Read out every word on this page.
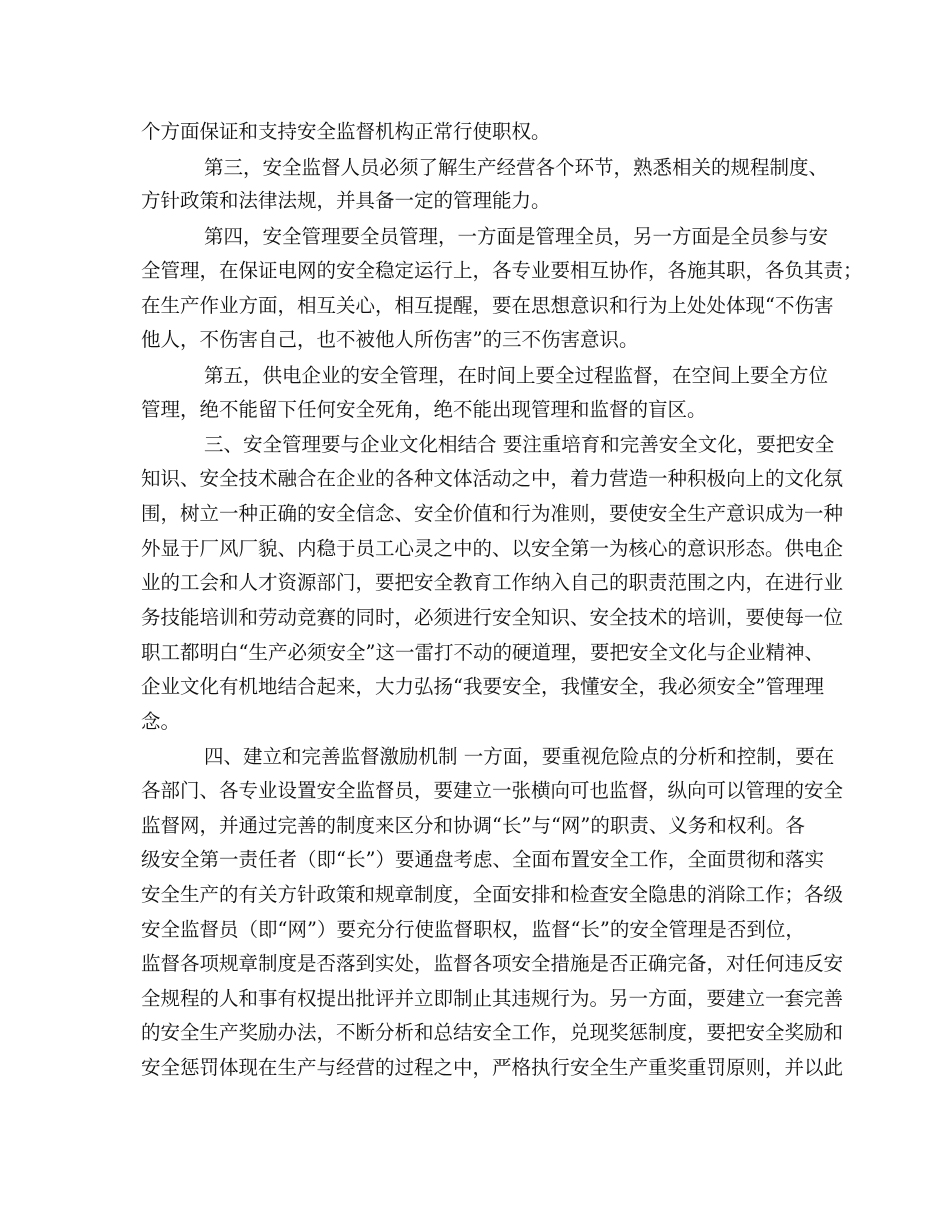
个方面保证和支持安全监督机构正常行使职权。
第三，安全监督人员必须了解生产经营各个环节，熟悉相关的规程制度、
方针政策和法律法规，并具备一定的管理能力。
第四，安全管理要全员管理，一方面是管理全员，另一方面是全员参与安
全管理，在保证电网的安全稳定运行上，各专业要相互协作，各施其职，各负其责；
在生产作业方面，相互关心，相互提醒，要在思想意识和行为上处处体现“不伤害
他人，不伤害自己，也不被他人所伤害”的三不伤害意识。
第五，供电企业的安全管理，在时间上要全过程监督，在空间上要全方位
管理，绝不能留下任何安全死角，绝不能出现管理和监督的盲区。
三、安全管理要与企业文化相结合 要注重培育和完善安全文化，要把安全
知识、安全技术融合在企业的各种文体活动之中，着力营造一种积极向上的文化氛
围，树立一种正确的安全信念、安全价值和行为准则，要使安全生产意识成为一种
外显于厂风厂貌、内稳于员工心灵之中的、以安全第一为核心的意识形态。供电企
业的工会和人才资源部门，要把安全教育工作纳入自己的职责范围之内，在进行业
务技能培训和劳动竞赛的同时，必须进行安全知识、安全技术的培训，要使每一位
职工都明白“生产必须安全”这一雷打不动的硬道理，要把安全文化与企业精神、
企业文化有机地结合起来，大力弘扬“我要安全，我懂安全，我必须安全”管理理
念。
四、建立和完善监督激励机制 一方面，要重视危险点的分析和控制，要在
各部门、各专业设置安全监督员，要建立一张横向可也监督，纵向可以管理的安全
监督网，并通过完善的制度来区分和协调“长”与“网”的职责、义务和权利。各
级安全第一责任者（即“长”）要通盘考虑、全面布置安全工作，全面贯彻和落实
安全生产的有关方针政策和规章制度，全面安排和检查安全隐患的消除工作；各级
安全监督员（即“网”）要充分行使监督职权，监督“长”的安全管理是否到位，
监督各项规章制度是否落到实处，监督各项安全措施是否正确完备，对任何违反安
全规程的人和事有权提出批评并立即制止其违规行为。另一方面，要建立一套完善
的安全生产奖励办法，不断分析和总结安全工作，兑现奖惩制度，要把安全奖励和
安全惩罚体现在生产与经营的过程之中，严格执行安全生产重奖重罚原则，并以此
